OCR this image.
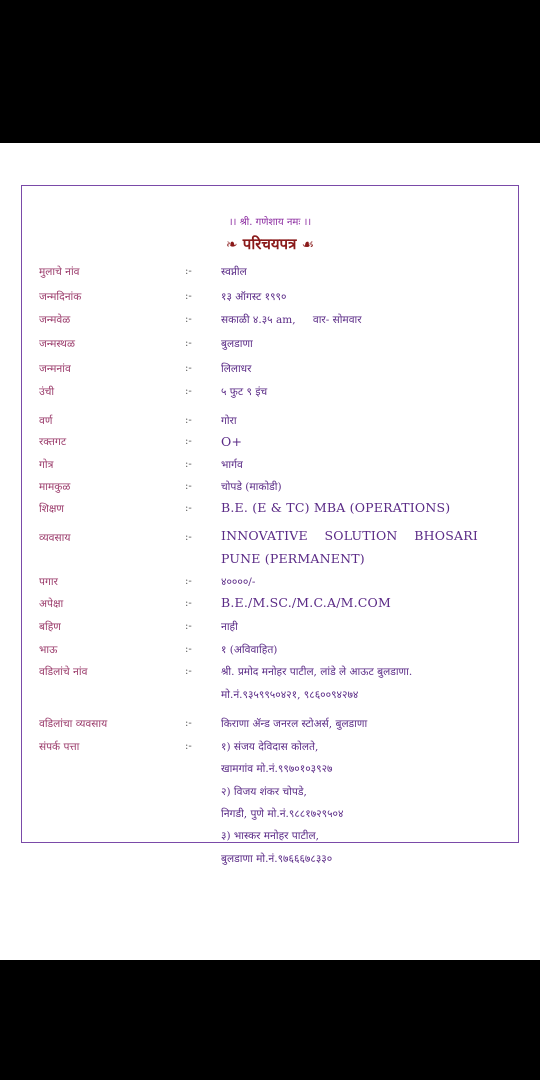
।। श्री. गणेशाय नमः ।।
❧ परिचयपत्र ☙
मुलाचे नांव	:-	स्वप्नील
जन्मदिनांक	:-	१३ ऑगस्ट १९९०
जन्मवेळ	:-	सकाळी ४.३५ am, वार- सोमवार
जन्मस्थळ	:-	बुलडाणा
जन्मनांव	:-	लिलाधर
उंची	:-	५ फुट ९ इंच
वर्ण	:-	गोरा
रक्तगट	:- O+
गोत्र	:-	भार्गव
मामकुळ	:-	चोपडे (माकोडी)
शिक्षण	:- B.E. (E & TC) MBA (OPERATIONS)
व्यवसाय	:- INNOVATIVE SOLUTION BHOSARI
PUNE (PERMANENT)
पगार	:-	४००००/-
अपेक्षा	:- B.E./M.SC./M.C.A/M.COM
बहिण	:-	नाही
भाऊ	:-	१ (अविवाहित)
वडिलांचे नांव	:-	श्री. प्रमोद मनोहर पाटील, लांडे ले आऊट बुलडाणा.
मो.नं.९३५९९५०४२१, ९८६००९४२७४
वडिलांचा व्यवसाय	:-	किराणा ॲन्ड जनरल स्टोअर्स, बुलडाणा
संपर्क पत्ता	:-	१) संजय देविदास कोलते,
खामगांव मो.नं.९९७०१०३९२७
२) विजय शंकर चोपडे,
निगडी, पुणे मो.नं.९८८१७२९५०४
३) भास्कर मनोहर पाटील,
बुलडाणा मो.नं.९७६६६७८३३०
